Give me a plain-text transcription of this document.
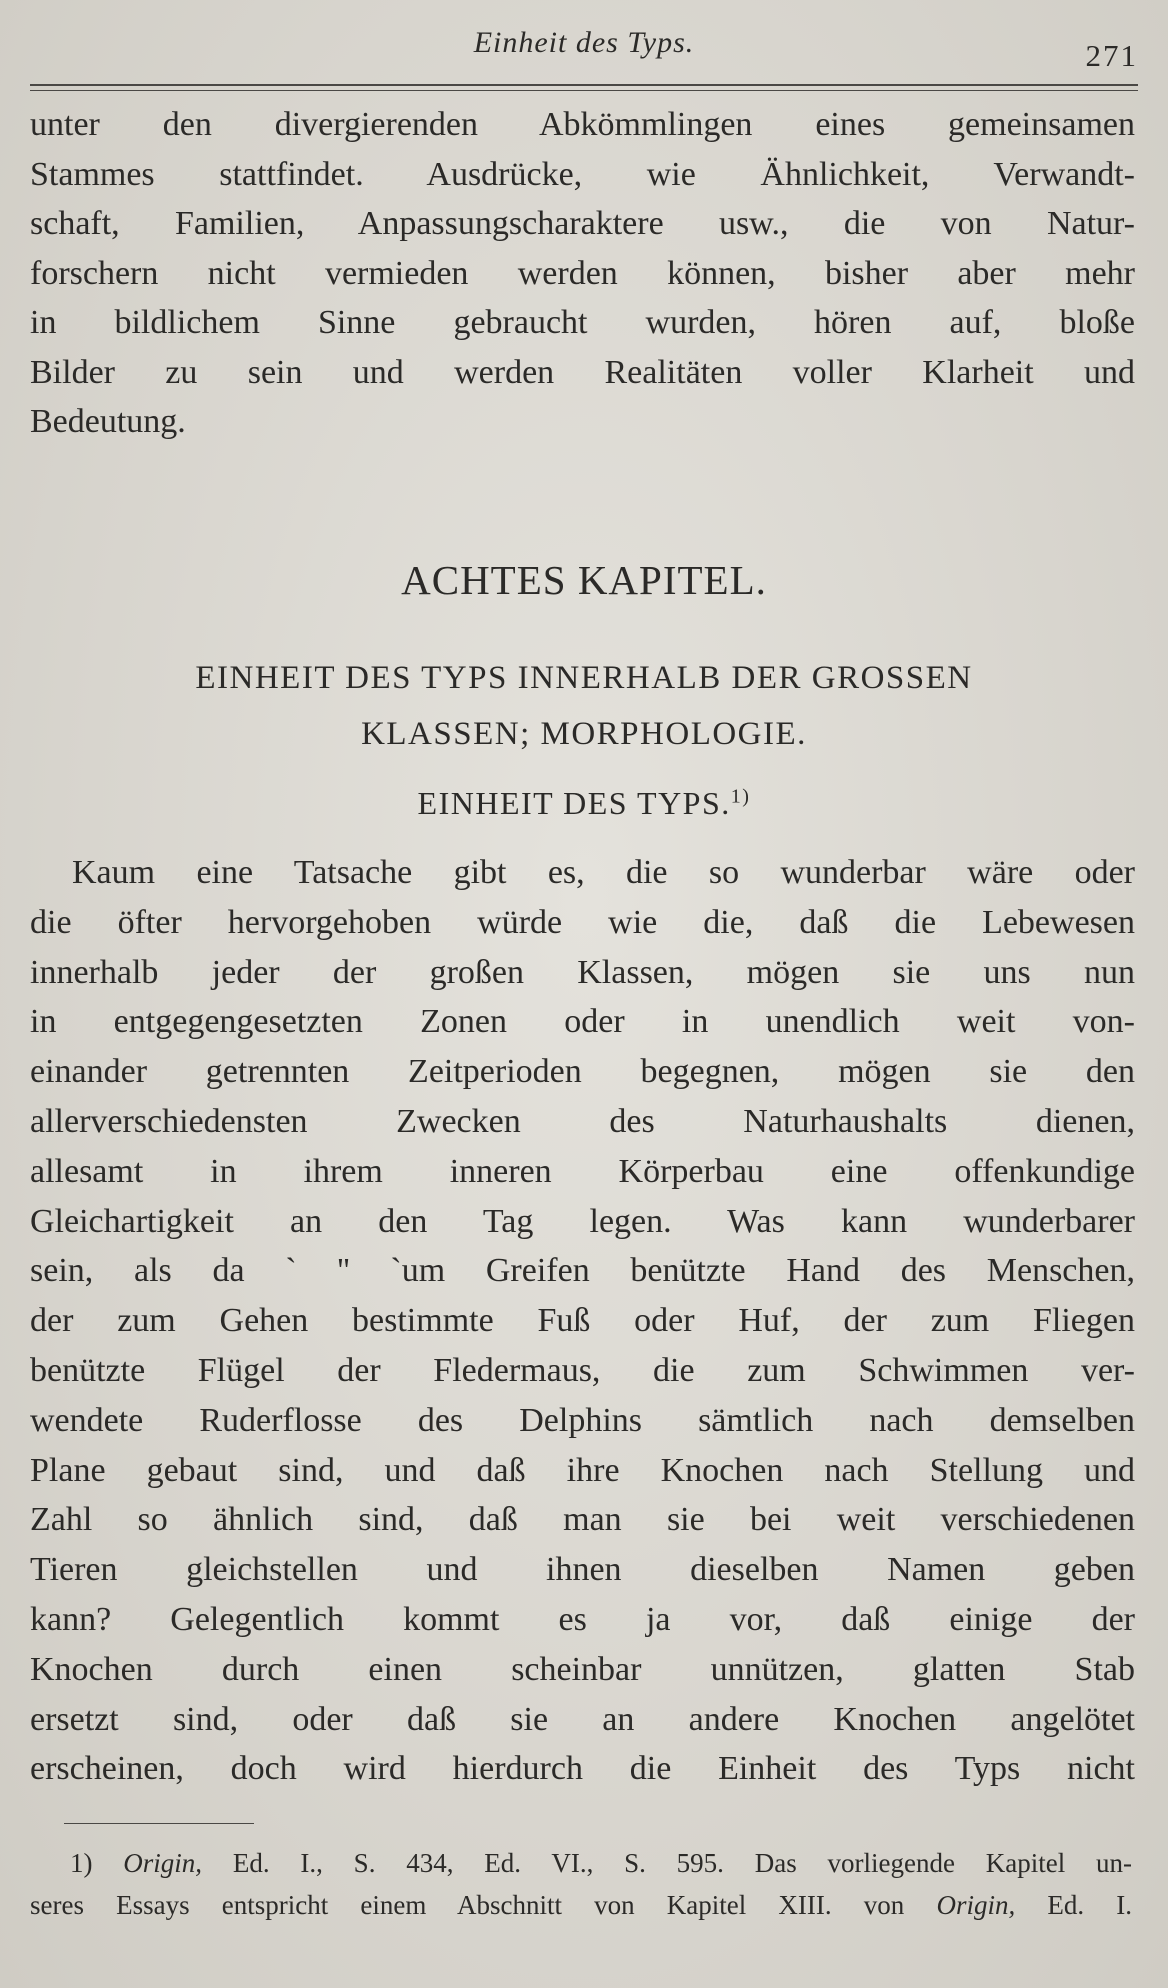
Einheit des Typs.	271
unter den divergierenden Abkömmlingen eines gemeinsamen
Stammes stattfindet. Ausdrücke, wie Ähnlichkeit, Verwandt-
schaft, Familien, Anpassungscharaktere usw., die von Natur-
forschern nicht vermieden werden können, bisher aber mehr
in bildlichem Sinne gebraucht wurden, hören auf, bloße
Bilder zu sein und werden Realitäten voller Klarheit und
Bedeutung.
ACHTES KAPITEL.
EINHEIT DES TYPS INNERHALB DER GROSSEN
KLASSEN; MORPHOLOGIE.
EINHEIT DES TYPS.$^{1)}$
Kaum eine Tatsache gibt es, die so wunderbar wäre oder
die öfter hervorgehoben würde wie die, daß die Lebewesen
innerhalb jeder der großen Klassen, mögen sie uns nun
in entgegengesetzten Zonen oder in unendlich weit von-
einander getrennten Zeitperioden begegnen, mögen sie den
allerverschiedensten Zwecken des Naturhaushalts dienen,
allesamt in ihrem inneren Körperbau eine offenkundige
Gleichartigkeit an den Tag legen. Was kann wunderbarer
sein, als da ` '' `um Greifen benützte Hand des Menschen,
der zum Gehen bestimmte Fuß oder Huf, der zum Fliegen
benützte Flügel der Fledermaus, die zum Schwimmen ver-
wendete Ruderflosse des Delphins sämtlich nach demselben
Plane gebaut sind, und daß ihre Knochen nach Stellung und
Zahl so ähnlich sind, daß man sie bei weit verschiedenen
Tieren gleichstellen und ihnen dieselben Namen geben
kann? Gelegentlich kommt es ja vor, daß einige der
Knochen durch einen scheinbar unnützen, glatten Stab
ersetzt sind, oder daß sie an andere Knochen angelötet
erscheinen, doch wird hierdurch die Einheit des Typs nicht
1) Origin, Ed. I., S. 434, Ed. VI., S. 595. Das vorliegende Kapitel un-
seres Essays entspricht einem Abschnitt von Kapitel XIII. von Origin, Ed. I.
